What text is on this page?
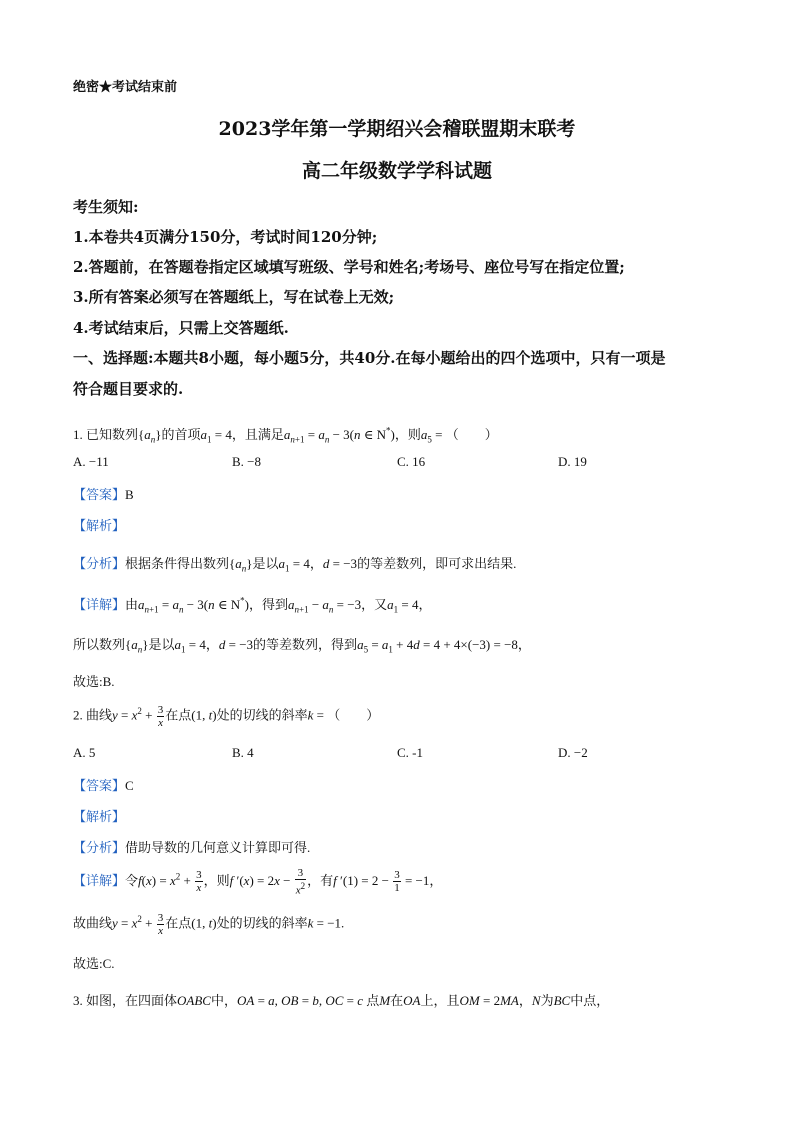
绝密★考试结束前
2023学年第一学期绍兴会稽联盟期末联考
高二年级数学学科试题
考生须知:
1.本卷共4页满分150分，考试时间120分钟;
2.答题前，在答题卷指定区域填写班级、学号和姓名;考场号、座位号写在指定位置;
3.所有答案必须写在答题纸上，写在试卷上无效;
4.考试结束后，只需上交答题纸.
一、选择题:本题共8小题，每小题5分，共40分.在每小题给出的四个选项中，只有一项是
符合题目要求的.
1. 已知数列$\{a_n\}$的首项$a_1 = 4$，且满足$a_{n+1} = a_n - 3(n$ ∈ N*)，则$a_5$ = （　　）
A. −11	B. −8	C. 16	D. 19
【答案】B
【解析】
【分析】根据条件得出数列$\{a_n\}$是以$a_1 = 4$，d = −3的等差数列，即可求出结果.
【详解】由$a_{n+1} = a_n - 3(n$ ∈ N*)，得到$a_{n+1} - a_n = -3$，又$a_1 = 4$，
所以数列$\{a_n\}$是以$a_1 = 4$，d = −3的等差数列，得到$a_5 = a_1 + 4d = 4 + 4\times(-3) = -8$，
故选:B.
2. 曲线$y = x^2 + \frac{3}{x}$ 在点(1, t)处的切线的斜率k = （　　）
A. 5	B. 4	C. -1	D. −2
【答案】C
【解析】
【分析】借助导数的几何意义计算即可得.
【详解】令$f(x) = x^2 + \frac{3}{x}$ ，则f $'(x) = 2x - \frac{3}{x^2}$ ，有f $'(1) = 2 - \frac{3}{1} = -1$，
故曲线$y = x^2 + \frac{3}{x}$ 在点(1, t)处的切线的斜率k = −1.
故选:C.
3. 如图，在四面体OABC中，OA = a, OB = b, OC = c 点M在OA上，且OM = 2MA，N为BC中点，
